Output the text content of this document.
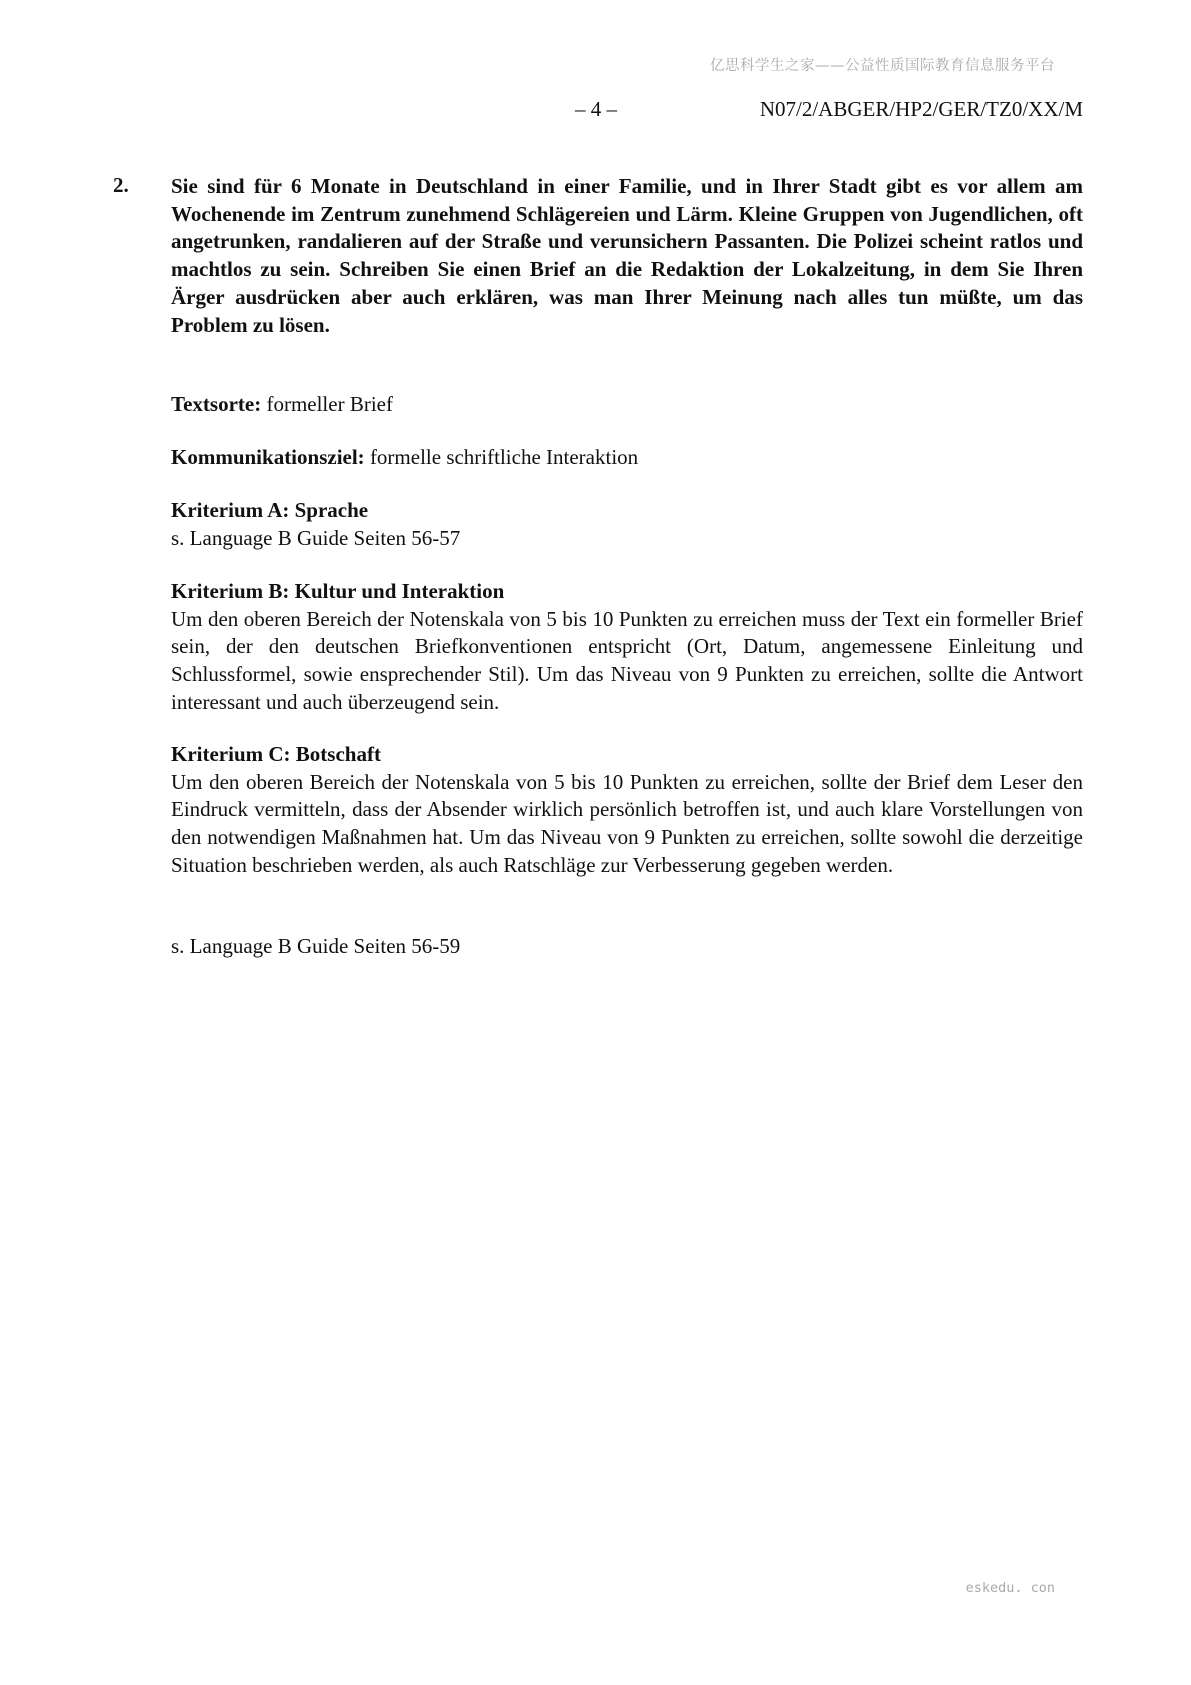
亿思科学生之家——公益性质国际教育信息服务平台
– 4 –	N07/2/ABGER/HP2/GER/TZ0/XX/M
2. Sie sind für 6 Monate in Deutschland in einer Familie, und in Ihrer Stadt gibt es vor allem am Wochenende im Zentrum zunehmend Schlägereien und Lärm. Kleine Gruppen von Jugendlichen, oft angetrunken, randalieren auf der Straße und verunsichern Passanten. Die Polizei scheint ratlos und machtlos zu sein. Schreiben Sie einen Brief an die Redaktion der Lokalzeitung, in dem Sie Ihren Ärger ausdrücken aber auch erklären, was man Ihrer Meinung nach alles tun müßte, um das Problem zu lösen.
Textsorte: formeller Brief
Kommunikationsziel: formelle schriftliche Interaktion
Kriterium A: Sprache
s. Language B Guide Seiten 56-57
Kriterium B: Kultur und Interaktion
Um den oberen Bereich der Notenskala von 5 bis 10 Punkten zu erreichen muss der Text ein formeller Brief sein, der den deutschen Briefkonventionen entspricht (Ort, Datum, angemessene Einleitung und Schlussformel, sowie ensprechender Stil). Um das Niveau von 9 Punkten zu erreichen, sollte die Antwort interessant und auch überzeugend sein.
Kriterium C: Botschaft
Um den oberen Bereich der Notenskala von 5 bis 10 Punkten zu erreichen, sollte der Brief dem Leser den Eindruck vermitteln, dass der Absender wirklich persönlich betroffen ist, und auch klare Vorstellungen von den notwendigen Maßnahmen hat. Um das Niveau von 9 Punkten zu erreichen, sollte sowohl die derzeitige Situation beschrieben werden, als auch Ratschläge zur Verbesserung gegeben werden.
s. Language B Guide Seiten 56-59
eskedu. con
